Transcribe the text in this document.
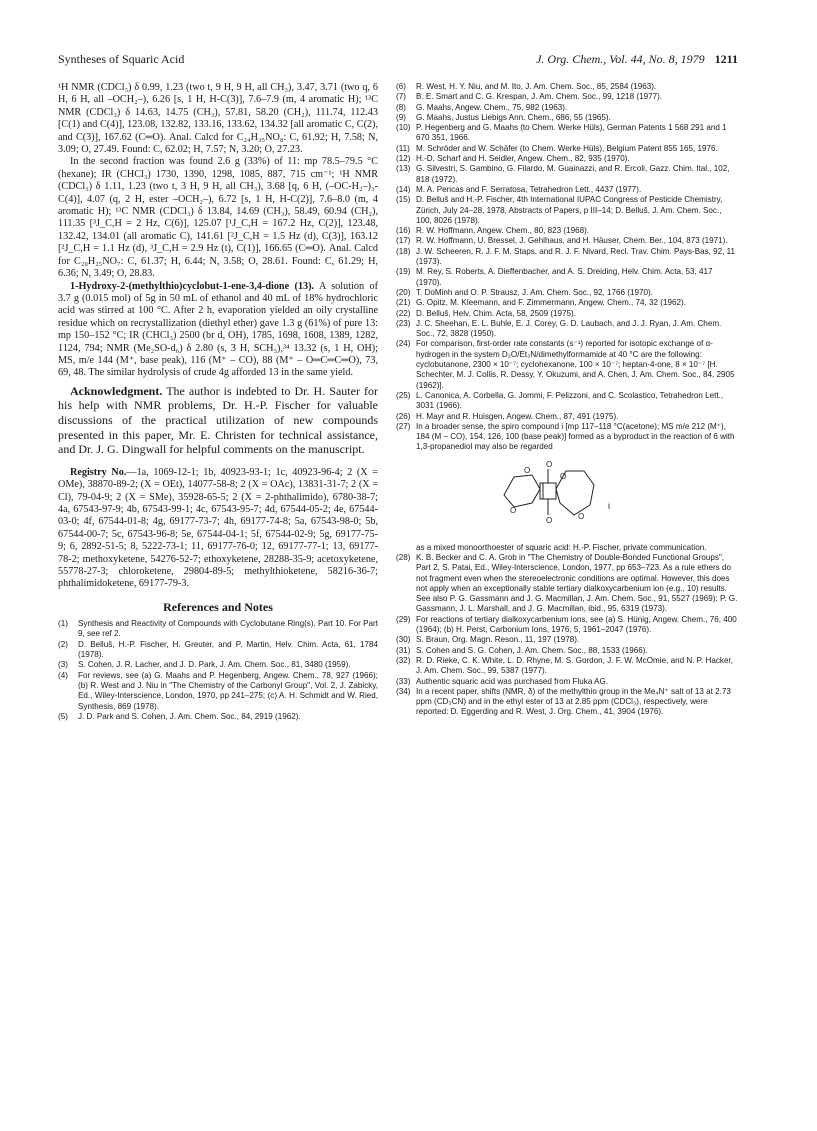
Syntheses of Squaric Acid	J. Org. Chem., Vol. 44, No. 8, 1979 1211

¹H NMR (CDCl₃) δ 0.99, 1.23 (two t, 9 H, 9 H, all CH₃), 3.47, 3.71 (two q, 6 H, 6 H, all –OCH₂–), 6.26 [s, 1 H, H-C(3)], 7.6–7.9 (m, 4 aromatic H); ¹³C NMR (CDCl₃) δ 14.63, 14.75 (CH₃), 57.81, 58.20 (CH₂), 111.74, 112.43 [C(1) and C(4)], 123.08, 132.82, 133.16, 133.62, 134.32 [all aromatic C, C(2), and C(3)], 167.62 (C═O). Anal. Calcd for C₂₄H₃₅NO₈: C, 61.92; H, 7.58; N, 3.09; O, 27.49. Found: C, 62.02; H, 7.57; N, 3.20; O, 27.23.

In the second fraction was found 2.6 g (33%) of 11: mp 78.5–79.5 °C (hexane); IR (CHCl₃) 1730, 1390, 1298, 1085, 887, 715 cm⁻¹; ¹H NMR (CDCl₃) δ 1.11, 1.23 (two t, 3 H, 9 H, all CH₃), 3.68 [q, 6 H, (–OC-H₂–)₃-C(4)], 4.07 (q, 2 H, ester –OCH₂–), 6.72 [s, 1 H, H-C(2)], 7.6–8.0 (m, 4 aromatic H); ¹³C NMR (CDCl₃) δ 13.84, 14.69 (CH₃), 58.49, 60.94 (CH₂), 111.35 [³J_C,H = 2 Hz, C(6)], 125.07 [¹J_C,H = 167.2 Hz, C(2)], 123.48, 132.42, 134.01 (all aromatic C), 141.61 [²J_C,H = 1.5 Hz (d), C(3)], 163.12 [²J_C,H = 1.1 Hz (d), ³J_C,H = 2.9 Hz (t), C(1)], 166.65 (C═O). Anal. Calcd for C₂₀H₂₅NO₇: C, 61.37; H, 6.44; N, 3.58; O, 28.61. Found: C, 61.29; H, 6.36; N, 3.49; O, 28.83.

1-Hydroxy-2-(methylthio)cyclobut-1-ene-3,4-dione (13). A solution of 3.7 g (0.015 mol) of 5g in 50 mL of ethanol and 40 mL of 18% hydrochloric acid was stirred at 100 °C. After 2 h, evaporation yielded an oily crystalline residue which on recrystallization (diethyl ether) gave 1.3 g (61%) of pure 13: mp 150–152 °C; IR (CHCl₃) 2500 (br d, OH), 1785, 1698, 1608, 1389, 1282, 1124, 794; NMR (Me₂SO-d₆) δ 2.80 (s, 3 H, SCH₃),³⁴ 13.32 (s, 1 H, OH); MS, m/e 144 (M⁺, base peak), 116 (M⁺ – CO), 88 (M⁺ – O═C═C═O), 73, 69, 48. The similar hydrolysis of crude 4g afforded 13 in the same yield.

Acknowledgment. The author is indebted to Dr. H. Sauter for his help with NMR problems, Dr. H.-P. Fischer for valuable discussions of the practical utilization of new compounds presented in this paper, Mr. E. Christen for technical assistance, and Dr. J. G. Dingwall for helpful comments on the manuscript.

Registry No.—1a, 1069-12-1; 1b, 40923-93-1; 1c, 40923-96-4; 2 (X = OMe), 38870-89-2; (X = OEt), 14077-58-8; 2 (X = OAc), 13831-31-7; 2 (X = Cl), 79-04-9; 2 (X = SMe), 35928-65-5; 2 (X = 2-phthalimido), 6780-38-7; 4a, 67543-97-9; 4b, 67543-99-1; 4c, 67543-95-7; 4d, 67544-05-2; 4e, 67544-03-0; 4f, 67544-01-8; 4g, 69177-73-7; 4h, 69177-74-8; 5a, 67543-98-0; 5b, 67544-00-7; 5c, 67543-96-8; 5e, 67544-04-1; 5f, 67544-02-9; 5g, 69177-75-9; 6, 2892-51-5; 8, 5222-73-1; 11, 69177-76-0; 12, 69177-77-1; 13, 69177-78-2; methoxyketene, 54276-52-7; ethoxyketene, 28288-35-9; acetoxyketene, 55778-27-3; chloroketene, 29804-89-5; methylthioketene, 58216-36-7; phthalimidoketene, 69177-79-3.

References and Notes
(1)	Synthesis and Reactivity of Compounds with Cyclobutane Ring(s). Part 10. For Part 9, see ref 2.
(2)	D. Belluš, H.-P. Fischer, H. Greuter, and P. Martin, Helv. Chim. Acta, 61, 1784 (1978).
(3)	S. Cohen, J. R. Lacher, and J. D. Park, J. Am. Chem. Soc., 81, 3480 (1959).
(4)	For reviews, see (a) G. Maahs and P. Hegenberg, Angew. Chem., 78, 927 (1966); (b) R. West and J. Niu in "The Chemistry of the Carbonyl Group", Vol. 2, J. Zabicky, Ed., Wiley-Interscience, London, 1970, pp 241–275; (c) A. H. Schmidt and W. Ried, Synthesis, 869 (1978).
(5)	J. D. Park and S. Cohen, J. Am. Chem. Soc., 84, 2919 (1962).
(6)	R. West, H. Y. Niu, and M. Ito, J. Am. Chem. Soc., 85, 2584 (1963).
(7)	B. E. Smart and C. G. Krespan, J. Am. Chem. Soc., 99, 1218 (1977).
(8)	G. Maahs, Angew. Chem., 75, 982 (1963).
(9)	G. Maahs, Justus Liebigs Ann. Chem., 686, 55 (1965).
(10) P. Hegenberg and G. Maahs (to Chem. Werke Hüls), German Patents 1 568 291 and 1 670 351, 1966.
(11) M. Schröder and W. Schäfer (to Chem. Werke Hüls), Belgium Patent 855 165, 1976.
(12) H.-D. Scharf and H. Seidler, Angew. Chem., 82, 935 (1970).
(13) G. Silvestri, S. Gambino, G. Filardo, M. Guainazzi, and R. Ercoli, Gazz. Chim. Ital., 102, 818 (1972).
(14) M. A. Pericas and F. Serratosa, Tetrahedron Lett., 4437 (1977).
(15) D. Belluš and H.-P. Fischer, 4th International IUPAC Congress of Pesticide Chemistry, Zürich, July 24–28, 1978, Abstracts of Papers, p III–14; D. Belluš, J. Am. Chem. Soc., 100, 8026 (1978).
(16) R. W. Hoffmann, Angew. Chem., 80, 823 (1968).
(17) R. W. Hoffmann, U. Bressel, J. Gehlhaus, and H. Häuser, Chem. Ber., 104, 873 (1971).
(18) J. W. Scheeren, R. J. F. M. Staps, and R. J. F. Nivard, Recl. Trav. Chim. Pays-Bas, 92, 11 (1973).
(19) M. Rey, S. Roberts, A. Dieffenbacher, and A. S. Dreiding, Helv. Chim. Acta, 53, 417 (1970).
(20) T. DoMinh and O. P. Strausz, J. Am. Chem. Soc., 92, 1766 (1970).
(21) G. Opitz, M. Kleemann, and F. Zimmermann, Angew. Chem., 74, 32 (1962).
(22) D. Belluš, Helv. Chim. Acta, 58, 2509 (1975).
(23) J. C. Sheehan, E. L. Buhle, E. J. Corey, G. D. Laubach, and J. J. Ryan, J. Am. Chem. Soc., 72, 3828 (1950).
(24) For comparison, first-order rate constants (s⁻¹) reported for isotopic exchange of α-hydrogen in the system D₂O/Et₃N/dimethylformamide at 40 °C are the following: cyclobutanone, 2300 × 10⁻⁷; cyclohexanone, 100 × 10⁻⁷; heptan-4-one, 8 × 10⁻⁷ [H. Schechter, M. J. Collis, R. Dessy, Y. Okuzumi, and A. Chen, J. Am. Chem. Soc., 84, 2905 (1962)].
(25) L. Canonica, A. Corbella, G. Jommi, F. Pelizzoni, and C. Scolastico, Tetrahedron Lett., 3031 (1966).
(26) H. Mayr and R. Huisgen, Angew. Chem., 87, 491 (1975).
(27) In a broader sense, the spiro compound i [mp 117–118 °C(acetone); MS m/e 212 (M⁺), 184 (M – CO), 154, 126, 100 (base peak)] formed as a byproduct in the reaction of 6 with 1,3-propanediol may also be regarded
O
O
O
O
O
O
i

as a mixed monoorthoester of squaric acid: H.-P. Fischer, private communication.

(28) K. B. Becker and C. A. Grob in "The Chemistry of Double-Bonded Functional Groups", Part 2, S. Patai, Ed., Wiley-Interscience, London, 1977, pp 653–723. As a rule ethers do not fragment even when the stereoelectronic conditions are optimal. However, this does not apply when an exceptionally stable tertiary dialkoxycarbenium ion (e.g., 10) results. See also P. G. Gassmann and J. G. Macmillan, J. Am. Chem. Soc., 91, 5527 (1969); P. G. Gassmann, J. L. Marshall, and J. G. Macmillan, ibid., 95, 6319 (1973).
(29) For reactions of tertiary dialkoxycarbenium ions, see (a) S. Hünig, Angew. Chem., 76, 400 (1964); (b) H. Perst, Carbonium Ions, 1976, 5, 1961–2047 (1976).
(30) S. Braun, Org. Magn. Reson., 11, 197 (1978).
(31) S. Cohen and S. G. Cohen, J. Am. Chem. Soc., 88, 1533 (1966).
(32) R. D. Rieke, C. K. White, L. D. Rhyne, M. S. Gordon, J. F. W. McOmie, and N. P. Hacker, J. Am. Chem. Soc., 99, 5387 (1977).
(33) Authentic squaric acid was purchased from Fluka AG.
(34) In a recent paper, shifts (NMR, δ) of the methylthio group in the Me₄N⁺ salt of 13 at 2.73 ppm (CD₃CN) and in the ethyl ester of 13 at 2.85 ppm (CDCl₃), respectively, were reported: D. Eggerding and R. West, J. Org. Chem., 41, 3904 (1976).
